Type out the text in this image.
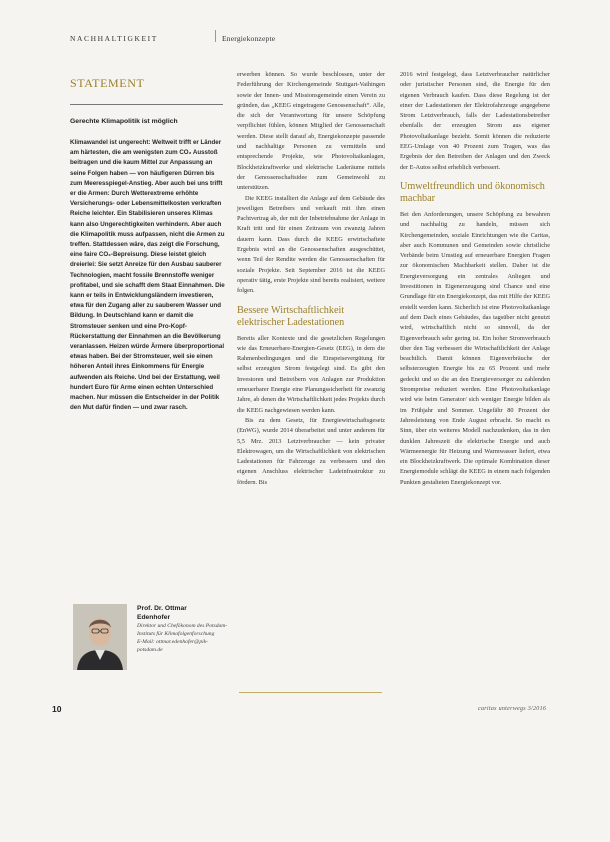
NACHHALTIGKEIT	Energiekonzepte
STATEMENT
Gerechte Klimapolitik ist möglich
Klimawandel ist ungerecht: Weltweit trifft er Länder am härtesten, die am wenigsten zum CO₂ Ausstoß beitragen und die kaum Mittel zur Anpassung an seine Folgen haben — von häufigeren Dürren bis zum Meeresspiegel-Anstieg. Aber auch bei uns trifft er die Armen: Durch Wetterextreme erhöhte Versicherungs- oder Lebensmittelkosten verkraften Reiche leichter. Ein Stabilisieren unseres Klimas kann also Ungerechtigkeiten verhindern. Aber auch die Klimapolitik muss aufpassen, nicht die Armen zu treffen. Stattdessen wäre, das zeigt die Forschung, eine faire CO₂-Bepreisung. Diese leistet gleich dreierlei: Sie setzt Anreize für den Ausbau sauberer Technologien, macht fossile Brennstoffe weniger profitabel, und sie schafft dem Staat Einnahmen. Die kann er teils in Entwicklungsländern investieren, etwa für den Zugang aller zu sauberem Wasser und Bildung. In Deutschland kann er damit die Stromsteuer senken und eine Pro-Kopf-Rückerstattung der Einnahmen an die Bevölkerung veranlassen. Heizen würde Ärmere überproportional etwas haben. Bei der Stromsteuer, weil sie einen höheren Anteil ihres Einkommens für Energie aufwenden als Reiche. Und bei der Erstattung, weil hundert Euro für Arme einen echten Unterschied machen. Nur müssen die Entscheider in der Politik den Mut dafür finden — und zwar rasch.
Prof. Dr. Ottmar
Edenhofer
Direktor und Chefökonom des Potsdam-Instituts für Klimafolgenforschung
E-Mail: ottmar.edenhofer@pik-potsdam.de

erwerben können. So wurde beschlossen, unter der Federführung der Kirchengemeinde Stuttgart-Vaihingen sowie der Innen- und Missionsgemeinde einen Verein zu gründen, das „KEEG eingetragene Genossenschaft“. Alle, die sich der Verantwortung für unsere Schöpfung verpflichtet fühlen, können Mitglied der Genossenschaft werden. Diese stellt darauf ab, Energiekonzepte passende und nachhaltige Personen zu vermitteln und entsprechende Projekte, wie Photovoltaikanlagen, Blockheizkraftwerke und elektrische Laderäume mittels der Genossenschaftsidee zum Gemeinwohl zu unterstützen.

Die KEEG installiert die Anlage auf dem Gebäude des jeweiligen Betreibers und verkauft mit ihm einen Pachtvertrag ab, der mit der Inbetriebnahme der Anlage in Kraft tritt und für einen Zeitraum von zwanzig Jahren dauern kann. Dass durch die KEEG erwirtschaftete Ergebnis wird an die Genossenschaften ausgeschüttet, wenn Teil der Rendite werden die Genossenschaften für soziale Projekte. Seit September 2016 ist die KEEG operativ tätig, erste Projekte sind bereits realisiert, weitere folgen.

Bessere Wirtschaftlichkeit elektrischer Ladestationen

Bereits aller Kontexte und die gesetzlichen Regelungen wie das Erneuerbare-Energien-Gesetz (EEG), in dem die Rahmenbedingungen und die Einspeisevergütung für selbst erzeugten Strom festgelegt sind. Es gibt den Investoren und Betreibern von Anlagen zur Produktion erneuerbarer Energie eine Planungssicherheit für zwanzig Jahre, ab denen die Wirtschaftlichkeit jedes Projekts durch die KEEG nachgewiesen werden kann.

Bis zu dem Gesetz, für Energiewirtschaftsgesetz (EnWG), wurde 2014 überarbeitet und unter anderem für 5,5 Mrz. 2013 Letztverbraucher — kein privater Elektrowagen, um die Wirtschaftlichkeit von elektrischen Ladestationen für Fahrzeuge zu verbessern und den eigenen Anschluss elektrischer Ladeinfrastruktur zu fördern. Bis

2016 wird festgelegt, dass Letztverbraucher natürlicher oder juristischer Personen sind, die Energie für den eigenen Verbrauch kaufen. Dass diese Regelung ist der einer der Ladestationen der Elektrofahrzeuge angegebene Strom Letztverbrauch, falls der Ladestationsbetreiber ebenfalls der erzeugten Strom aus eigener Photovoltaikanlage bezieht. Somit können die reduzierte EEG-Umlage von 40 Prozent zum Tragen, was das Ergebnis der den Betreiben der Anlagen und den Zweck der E-Autos selbst erheblich verbessert.

Umweltfreundlich und ökonomisch machbar

Bei den Anforderungen, unsere Schöpfung zu bewahren und nachhaltig zu handeln, müssen sich Kirchengemeinden, soziale Einrichtungen wie die Caritas, aber auch Kommunen und Gemeinden sowie christliche Verbände beim Umstieg auf erneuerbare Energien Fragen zur ökonomischen Machbarkeit stellen. Daher ist die Energieversorgung ein zentrales Anliegen und Investitionen in Eigenerzeugung sind Chance und eine Grundlage für ein Energiekonzept, das mit Hilfe der KEEG erstellt werden kann. Sicherlich ist eine Photovoltaikanlage auf dem Dach eines Gebäudes, das tagsüber nicht genutzt wird, wirtschaftlich nicht so sinnvoll, da der Eigenverbrauch sehr gering ist. Ein hoher Stromverbrauch über den Tag verbessert die Wirtschaftlichkeit der Anlage beachtlich. Damit können Eigenverbräuche der selbsterzeugten Energie bis zu 65 Prozent und mehr gedeckt und so die an den Energieversorger zu zahlenden Strompreise reduziert werden. Eine Photovoltaikanlage wird wie beim Generator/ sich weniger Energie bilden als im Frühjahr und Sommer. Ungefähr 80 Prozent der Jahresleistung von Ende August erbracht. So macht es Sinn, über ein weiteres Modell nachzudenken, das in den dunklen Jahreszeit die elektrische Energie und auch Wärmeenergie für Heizung und Warmwasser liefert, etwa ein Blockheizkraftwerk. Die optimale Kombination dieser Energiemodule schlägt die KEEG in einem nach folgenden Punkten gestalteten Energiekonzept vor.

10	caritas unterwegs 3/2016
